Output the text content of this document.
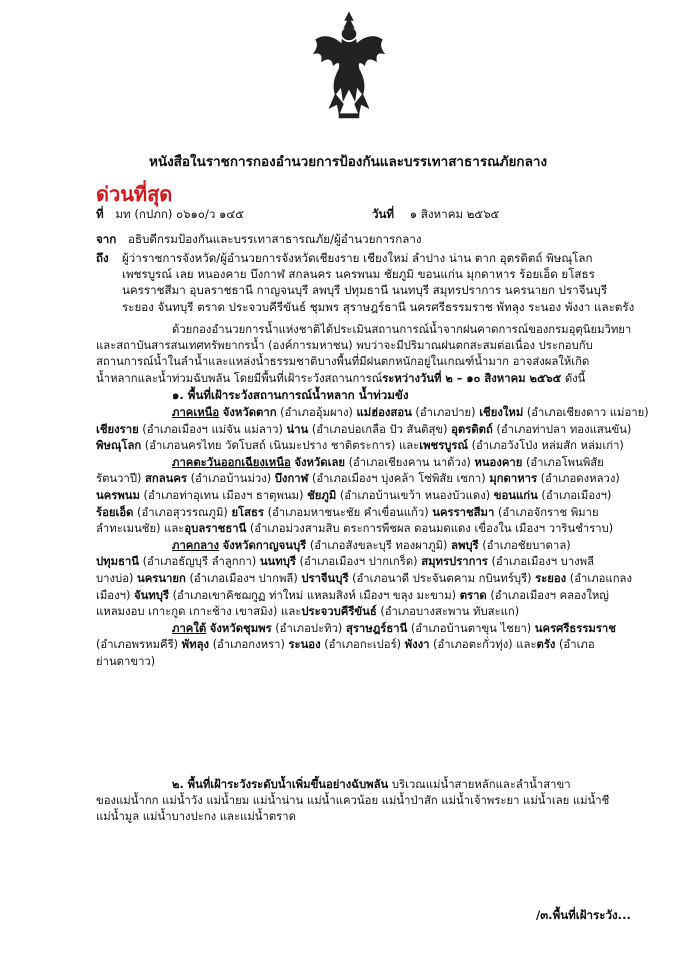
หนังสือในราชการกองอำนวยการป้องกันและบรรเทาสาธารณภัยกลาง
ด่วนที่สุด
ที่ มท (กปภก) ๐๖๑๐/ว ๑๔๕	วันที่ ๑ สิงหาคม ๒๕๖๕
จาก อธิบดีกรมป้องกันและบรรเทาสาธารณภัย/ผู้อำนวยการกลาง
ถึง ผู้ว่าราชการจังหวัด/ผู้อำนวยการจังหวัดเชียงราย เชียงใหม่ ลำปาง น่าน ตาก อุตรดิตถ์ พิษณุโลก

เพชรบูรณ์ เลย หนองคาย บึงกาฬ สกลนคร นครพนม ชัยภูมิ ขอนแก่น มุกดาหาร ร้อยเอ็ด ยโสธร

นครราชสีมา อุบลราชธานี กาญจนบุรี ลพบุรี ปทุมธานี นนทบุรี สมุทรปราการ นครนายก ปราจีนบุรี

ระยอง จันทบุรี ตราด ประจวบคีรีขันธ์ ชุมพร สุราษฎร์ธานี นครศรีธรรมราช พัทลุง ระนอง พังงา และตรัง

ด้วยกองอำนวยการน้ำแห่งชาติได้ประเมินสถานการณ์น้ำจากฝนคาดการณ์ของกรมอุตุนิยมวิทยา

และสถาบันสารสนเทศทรัพยากรน้ำ (องค์การมหาชน) พบว่าจะมีปริมาณฝนตกสะสมต่อเนื่อง ประกอบกับ

สถานการณ์น้ำในลำน้ำและแหล่งน้ำธรรมชาติบางพื้นที่มีฝนตกหนักอยู่ในเกณฑ์น้ำมาก อาจส่งผลให้เกิด

น้ำหลากและน้ำท่วมฉับพลัน โดยมีพื้นที่เฝ้าระวังสถานการณ์ระหว่างวันที่ ๒ – ๑๐ สิงหาคม ๒๕๖๕ ดังนี้

๑. พื้นที่เฝ้าระวังสถานการณ์น้ำหลาก น้ำท่วมขัง

ภาคเหนือ จังหวัดตาก (อำเภออุ้มผาง) แม่ฮ่องสอน (อำเภอปาย) เชียงใหม่ (อำเภอเชียงดาว แม่อาย)

เชียงราย (อำเภอเมืองฯ แม่จัน แม่ลาว) น่าน (อำเภอบ่อเกลือ ปัว สันติสุข) อุตรดิตถ์ (อำเภอท่าปลา ทองแสนขัน)

พิษณุโลก (อำเภอนครไทย วัดโบสถ์ เนินมะปราง ชาติตระการ) และเพชรบูรณ์ (อำเภอวังโป่ง หล่มสัก หล่มเก่า)

ภาคตะวันออกเฉียงเหนือ จังหวัดเลย (อำเภอเชียงคาน นาด้วง) หนองคาย (อำเภอโพนพิสัย

รัตนวาปี) สกลนคร (อำเภอบ้านม่วง) บึงกาฬ (อำเภอเมืองฯ บุ่งคล้า โซ่พิสัย เซกา) มุกดาหาร (อำเภอดงหลวง)

นครพนม (อำเภอท่าอุเทน เมืองฯ ธาตุพนม) ชัยภูมิ (อำเภอบ้านเขว้า หนองบัวแดง) ขอนแก่น (อำเภอเมืองฯ)

ร้อยเอ็ด (อำเภอสุวรรณภูมิ) ยโสธร (อำเภอมหาชนะชัย คำเขื่อนแก้ว) นครราชสีมา (อำเภอจักราช พิมาย

ลำทะเมนชัย) และอุบลราชธานี (อำเภอม่วงสามสิบ ตระการพืชผล ดอนมดแดง เขื่องใน เมืองฯ วารินชำราบ)

ภาคกลาง จังหวัดกาญจนบุรี (อำเภอสังขละบุรี ทองผาภูมิ) ลพบุรี (อำเภอชัยบาดาล)

ปทุมธานี (อำเภอธัญบุรี ลำลูกกา) นนทบุรี (อำเภอเมืองฯ ปากเกร็ด) สมุทรปราการ (อำเภอเมืองฯ บางพลี

บางบ่อ) นครนายก (อำเภอเมืองฯ ปากพลี) ปราจีนบุรี (อำเภอนาดี ประจันตคาม กบินทร์บุรี) ระยอง (อำเภอแกลง

เมืองฯ) จันทบุรี (อำเภอเขาคิชฌกูฏ ท่าใหม่ แหลมสิงห์ เมืองฯ ขลุง มะขาม) ตราด (อำเภอเมืองฯ คลองใหญ่

แหลมงอบ เกาะกูด เกาะช้าง เขาสมิง) และประจวบคีรีขันธ์ (อำเภอบางสะพาน ทับสะแก)

ภาคใต้ จังหวัดชุมพร (อำเภอปะทิว) สุราษฎร์ธานี (อำเภอบ้านตาขุน ไชยา) นครศรีธรรมราช

(อำเภอพรหมคีรี) พัทลุง (อำเภอกงหรา) ระนอง (อำเภอกะเปอร์) พังงา (อำเภอตะกั่วทุ่ง) และตรัง (อำเภอ

ย่านตาขาว)

๒. พื้นที่เฝ้าระวังระดับน้ำเพิ่มขึ้นอย่างฉับพลัน บริเวณแม่น้ำสายหลักและลำน้ำสาขา

ของแม่น้ำกก แม่น้ำวัง แม่น้ำยม แม่น้ำน่าน แม่น้ำแควน้อย แม่น้ำป่าสัก แม่น้ำเจ้าพระยา แม่น้ำเลย แม่น้ำชี

แม่น้ำมูล แม่น้ำบางปะกง และแม่น้ำตราด

/๓.พื้นที่เฝ้าระวัง...
